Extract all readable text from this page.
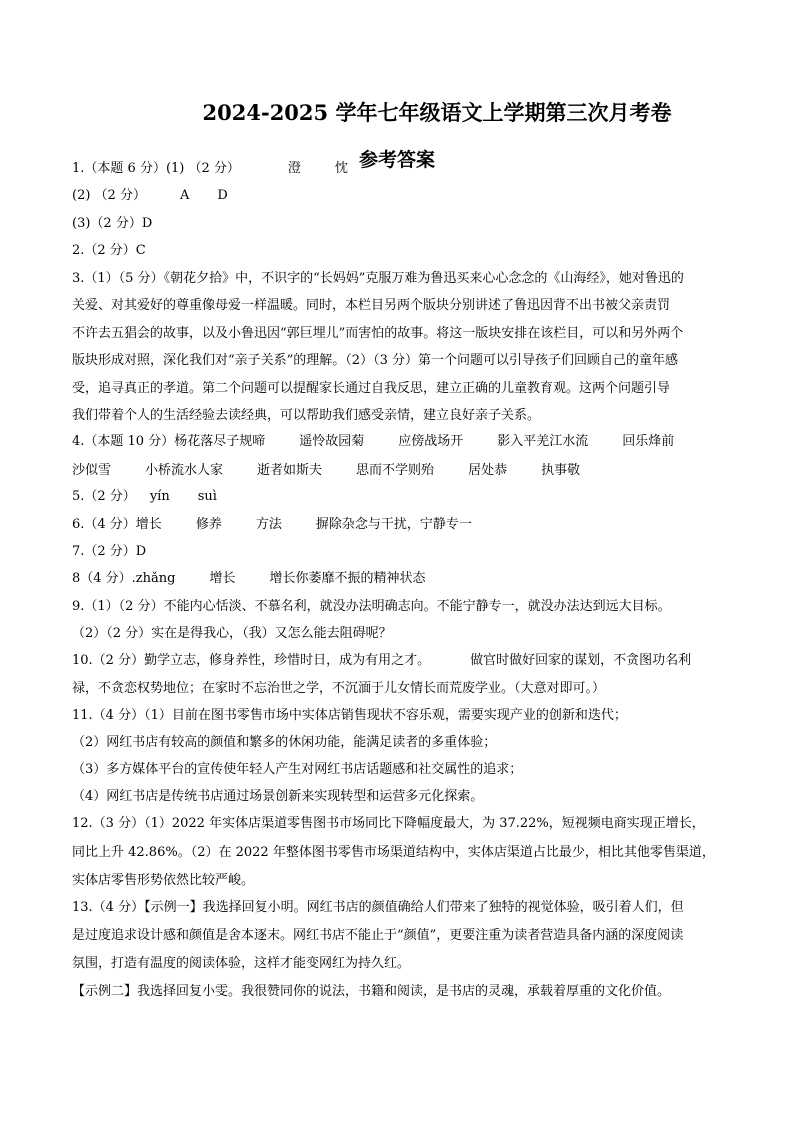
2024-2025 学年七年级语文上学期第三次月考卷
参考答案
1.（本题 6 分）(1) （2 分）	澄	忱
(2) （2 分）	A D
(3)（2 分）D
2.（2 分）C
3.（1）（5 分）《朝花夕拾》中，不识字的“长妈妈”克服万难为鲁迅买来心心念念的《山海经》，她对鲁迅的
关爱、对其爱好的尊重像母爱一样温暖。同时，本栏目另两个版块分别讲述了鲁迅因背不出书被父亲责罚
不许去五猖会的故事，以及小鲁迅因“郭巨埋儿”而害怕的故事。将这一版块安排在该栏目，可以和另外两个
版块形成对照，深化我们对“亲子关系”的理解。（2）（3 分）第一个问题可以引导孩子们回顾自己的童年感
受，追寻真正的孝道。第二个问题可以提醒家长通过自我反思，建立正确的儿童教育观。这两个问题引导
我们带着个人的生活经验去读经典，可以帮助我们感受亲情，建立良好亲子关系。
4.（本题 10 分）杨花落尽子规啼	遥怜故园菊	应傍战场开	影入平羌江水流	回乐烽前
沙似雪	小桥流水人家	逝者如斯夫	思而不学则殆	居处恭	执事敬
5.（2 分） yín suì
6.（4 分）增长	修养	方法	摒除杂念与干扰，宁静专一
7.（2 分）D
8（4 分）.zhǎng	增长	增长你萎靡不振的精神状态
9.（1）（2 分）不能内心恬淡、不慕名利，就没办法明确志向。不能宁静专一，就没办法达到远大目标。
（2）（2 分）实在是得我心，（我）又怎么能去阻碍呢？
10.（2 分）勤学立志，修身养性，珍惜时日，成为有用之才。	做官时做好回家的谋划，不贪图功名利
禄，不贪恋权势地位；在家时不忘治世之学，不沉湎于儿女情长而荒废学业。（大意对即可。）
11.（4 分）（1）目前在图书零售市场中实体店销售现状不容乐观，需要实现产业的创新和迭代；
（2）网红书店有较高的颜值和繁多的休闲功能，能满足读者的多重体验；
（3）多方媒体平台的宣传使年轻人产生对网红书店话题感和社交属性的追求；
（4）网红书店是传统书店通过场景创新来实现转型和运营多元化探索。
12.（3 分）（1）2022 年实体店渠道零售图书市场同比下降幅度最大，为 37.22%，短视频电商实现正增长，
同比上升 42.86%。（2）在 2022 年整体图书零售市场渠道结构中，实体店渠道占比最少，相比其他零售渠道，
实体店零售形势依然比较严峻。
13.（4 分）【示例一】我选择回复小明。网红书店的颜值确给人们带来了独特的视觉体验，吸引着人们，但
是过度追求设计感和颜值是舍本逐末。网红书店不能止于“颜值”，更要注重为读者营造具备内涵的深度阅读
氛围，打造有温度的阅读体验，这样才能变网红为持久红。
【示例二】我选择回复小雯。我很赞同你的说法，书籍和阅读，是书店的灵魂，承载着厚重的文化价值。
